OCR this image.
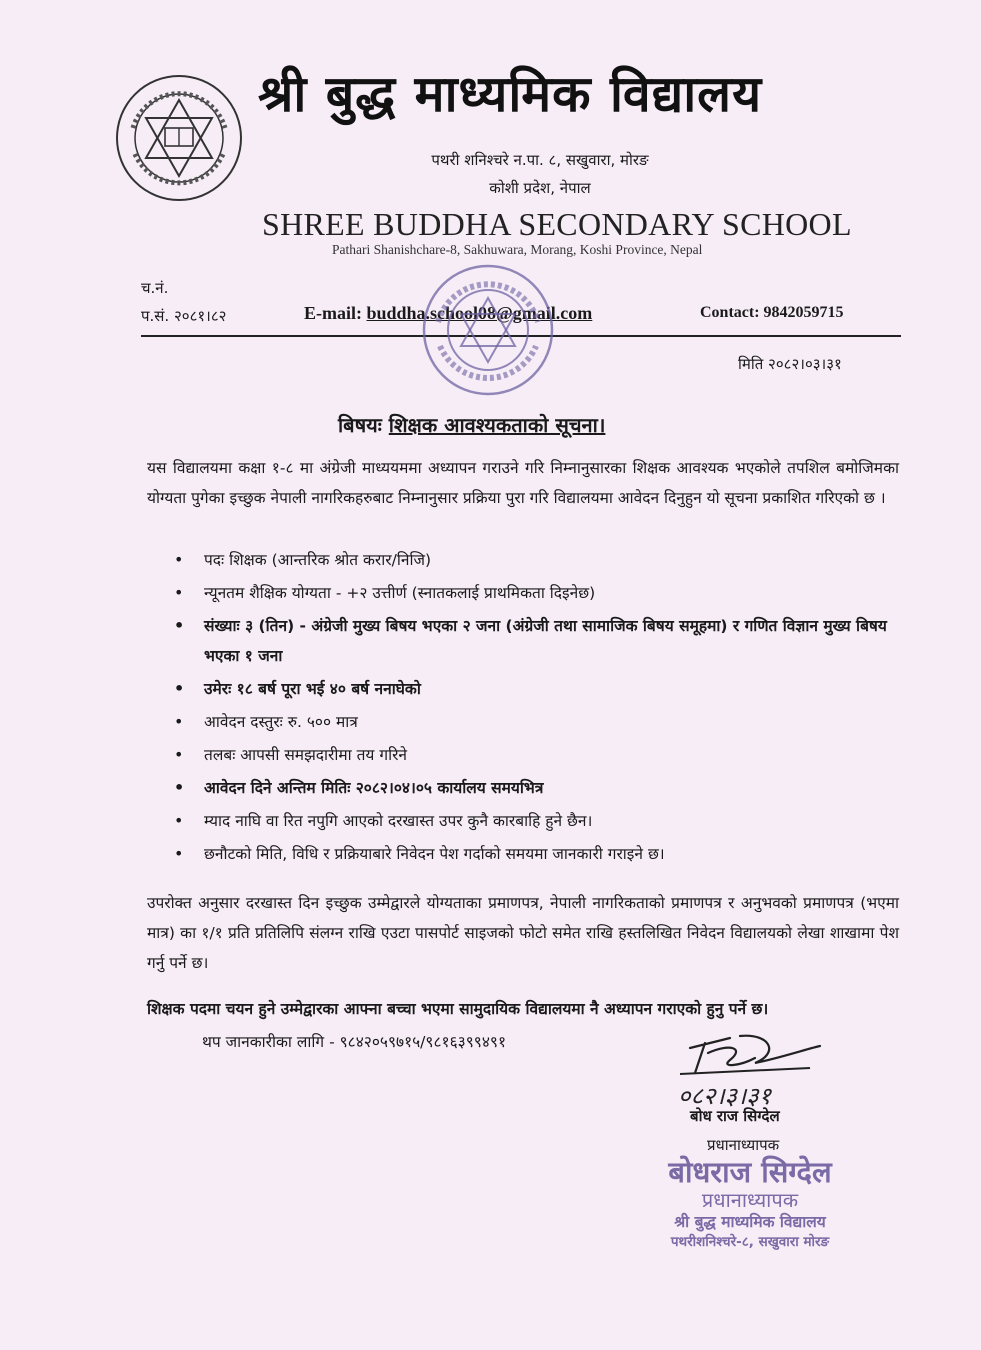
श्री बुद्ध माध्यमिक विद्यालय
पथरी शनिश्चरे न.पा. ८, सखुवारा, मोरङ
कोशी प्रदेश, नेपाल
SHREE BUDDHA SECONDARY SCHOOL
Pathari Shanishchare-8, Sakhuwara, Morang, Koshi Province, Nepal
च.नं.
प.सं. २०८१।८२	E-mail: buddha.school08@gmail.com	Contact: 9842059715
मिति २०८२।०३।३१
बिषयः शिक्षक आवश्यकताको सूचना।
यस विद्यालयमा कक्षा १-८ मा अंग्रेजी माध्ययममा अध्यापन गराउने गरि निम्नानुसारका शिक्षक आवश्यक भएकोले तपशिल बमोजिमका योग्यता पुगेका इच्छुक नेपाली नागरिकहरुबाट निम्नानुसार प्रक्रिया पुरा गरि विद्यालयमा आवेदन दिनुहुन यो सूचना प्रकाशित गरिएको छ ।
• पदः शिक्षक (आन्तरिक श्रोत करार/निजि)
• न्यूनतम शैक्षिक योग्यता - +२ उत्तीर्ण (स्नातकलाई प्राथमिकता दिइनेछ)
• संख्याः ३ (तिन) - अंग्रेजी मुख्य बिषय भएका २ जना (अंग्रेजी तथा सामाजिक बिषय समूहमा) र गणित विज्ञान मुख्य बिषय भएका १ जना
• उमेरः १८ बर्ष पूरा भई ४० बर्ष ननाघेको
• आवेदन दस्तुरः रु. ५०० मात्र
• तलबः आपसी समझदारीमा तय गरिने
• आवेदन दिने अन्तिम मितिः २०८२।०४।०५ कार्यालय समयभित्र
• म्याद नाघि वा रित नपुगि आएको दरखास्त उपर कुनै कारबाहि हुने छैन।
• छनौटको मिति, विधि र प्रक्रियाबारे निवेदन पेश गर्दाको समयमा जानकारी गराइने छ।
उपरोक्त अनुसार दरखास्त दिन इच्छुक उम्मेद्वारले योग्यताका प्रमाणपत्र, नेपाली नागरिकताको प्रमाणपत्र र अनुभवको प्रमाणपत्र (भएमा मात्र) का १/१ प्रति प्रतिलिपि संलग्न राखि एउटा पासपोर्ट साइजको फोटो समेत राखि हस्तलिखित निवेदन विद्यालयको लेखा शाखामा पेश गर्नु पर्ने छ।
शिक्षक पदमा चयन हुने उम्मेद्वारका आफ्ना बच्चा भएमा सामुदायिक विद्यालयमा नै अध्यापन गराएको हुनु पर्ने छ।
थप जानकारीका लागि - ९८४२०५९७१५/९८१६३९९४९१
०८२।३।३१
बोध राज सिग्देल
प्रधानाध्यापक
बोधराज सिग्देल
प्रधानाध्यापक
श्री बुद्ध माध्यमिक विद्यालय
पथरीशनिश्चरे-८, सखुवारा मोरङ
